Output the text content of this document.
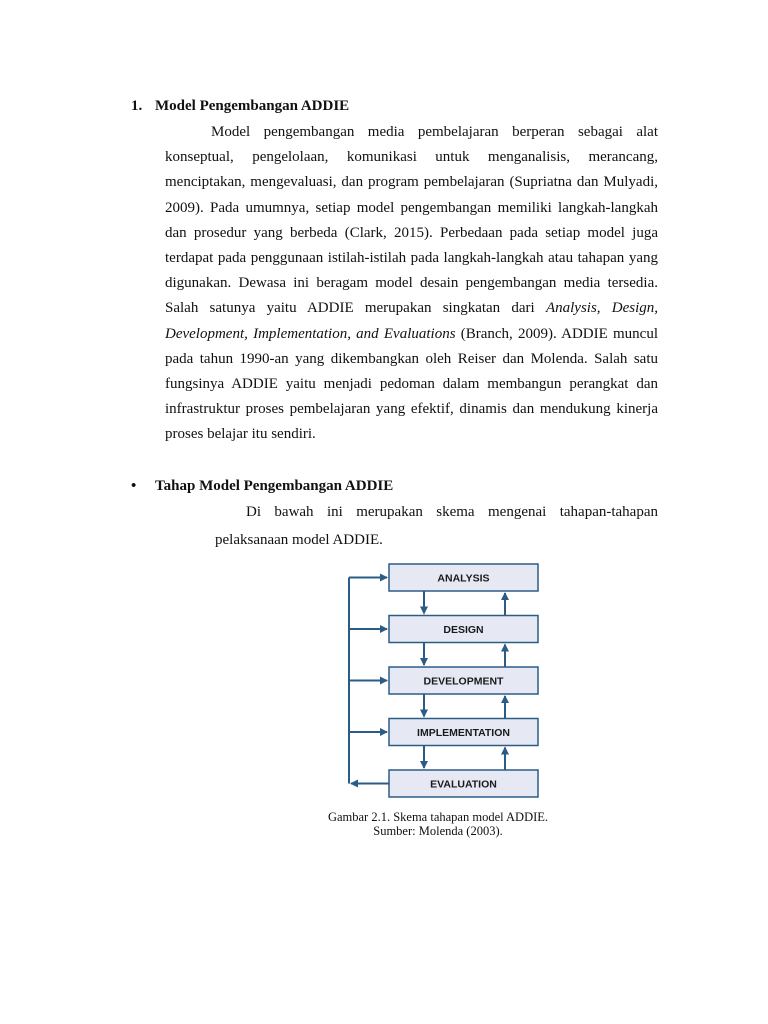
1. Model Pengembangan ADDIE

Model pengembangan media pembelajaran berperan sebagai alat konseptual, pengelolaan, komunikasi untuk menganalisis, merancang, menciptakan, mengevaluasi, dan program pembelajaran (Supriatna dan Mulyadi, 2009). Pada umumnya, setiap model pengembangan memiliki langkah-langkah dan prosedur yang berbeda (Clark, 2015). Perbedaan pada setiap model juga terdapat pada penggunaan istilah-istilah pada langkah-langkah atau tahapan yang digunakan. Dewasa ini beragam model desain pengembangan media tersedia. Salah satunya yaitu ADDIE merupakan singkatan dari Analysis, Design, Development, Implementation, and Evaluations (Branch, 2009). ADDIE muncul pada tahun 1990-an yang dikembangkan oleh Reiser dan Molenda. Salah satu fungsinya ADDIE yaitu menjadi pedoman dalam membangun perangkat dan infrastruktur proses pembelajaran yang efektif, dinamis dan mendukung kinerja proses belajar itu sendiri.

• Tahap Model Pengembangan ADDIE

Di bawah ini merupakan skema mengenai tahapan-tahapan pelaksanaan model ADDIE.

ANALYSIS
DESIGN
DEVELOPMENT
IMPLEMENTATION
EVALUATION
Gambar 2.1. Skema tahapan model ADDIE.
Sumber: Molenda (2003).
